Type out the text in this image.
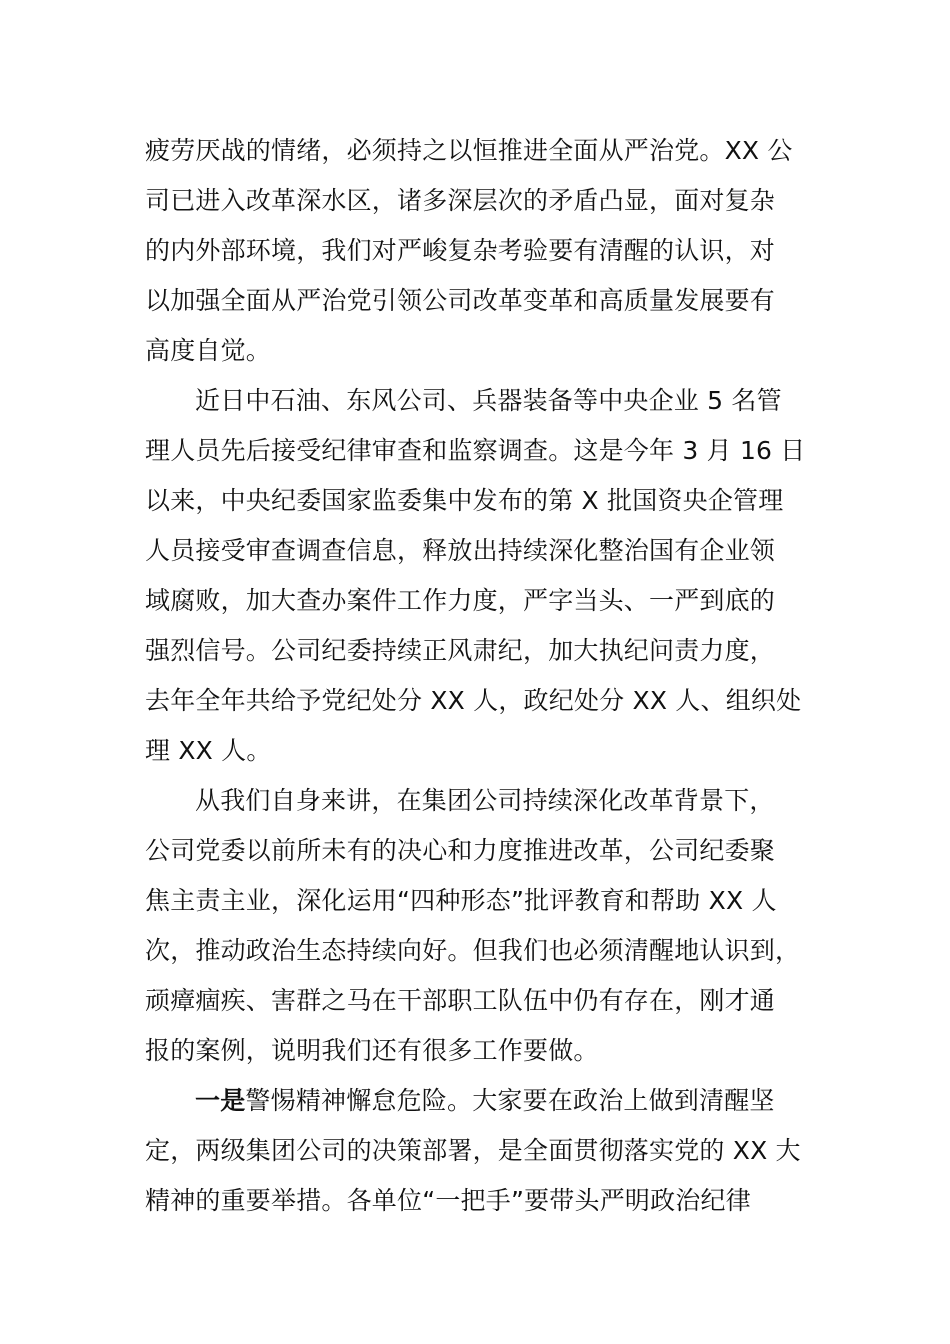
疲劳厌战的情绪，必须持之以恒推进全面从严治党。XX 公
司已进入改革深水区，诸多深层次的矛盾凸显，面对复杂
的内外部环境，我们对严峻复杂考验要有清醒的认识，对
以加强全面从严治党引领公司改革变革和高质量发展要有
高度自觉。
近日中石油、东风公司、兵器装备等中央企业 5 名管
理人员先后接受纪律审查和监察调查。这是今年 3 月 16 日
以来，中央纪委国家监委集中发布的第 X 批国资央企管理
人员接受审查调查信息，释放出持续深化整治国有企业领
域腐败，加大查办案件工作力度，严字当头、一严到底的
强烈信号。公司纪委持续正风肃纪，加大执纪问责力度，
去年全年共给予党纪处分 XX 人，政纪处分 XX 人、组织处
理 XX 人。
从我们自身来讲，在集团公司持续深化改革背景下，
公司党委以前所未有的决心和力度推进改革，公司纪委聚
焦主责主业，深化运用“四种形态”批评教育和帮助 XX 人
次，推动政治生态持续向好。但我们也必须清醒地认识到，
顽瘴痼疾、害群之马在干部职工队伍中仍有存在，刚才通
报的案例，说明我们还有很多工作要做。
一是警惕精神懈怠危险。大家要在政治上做到清醒坚
定，两级集团公司的决策部署，是全面贯彻落实党的 XX 大
精神的重要举措。各单位“一把手”要带头严明政治纪律
